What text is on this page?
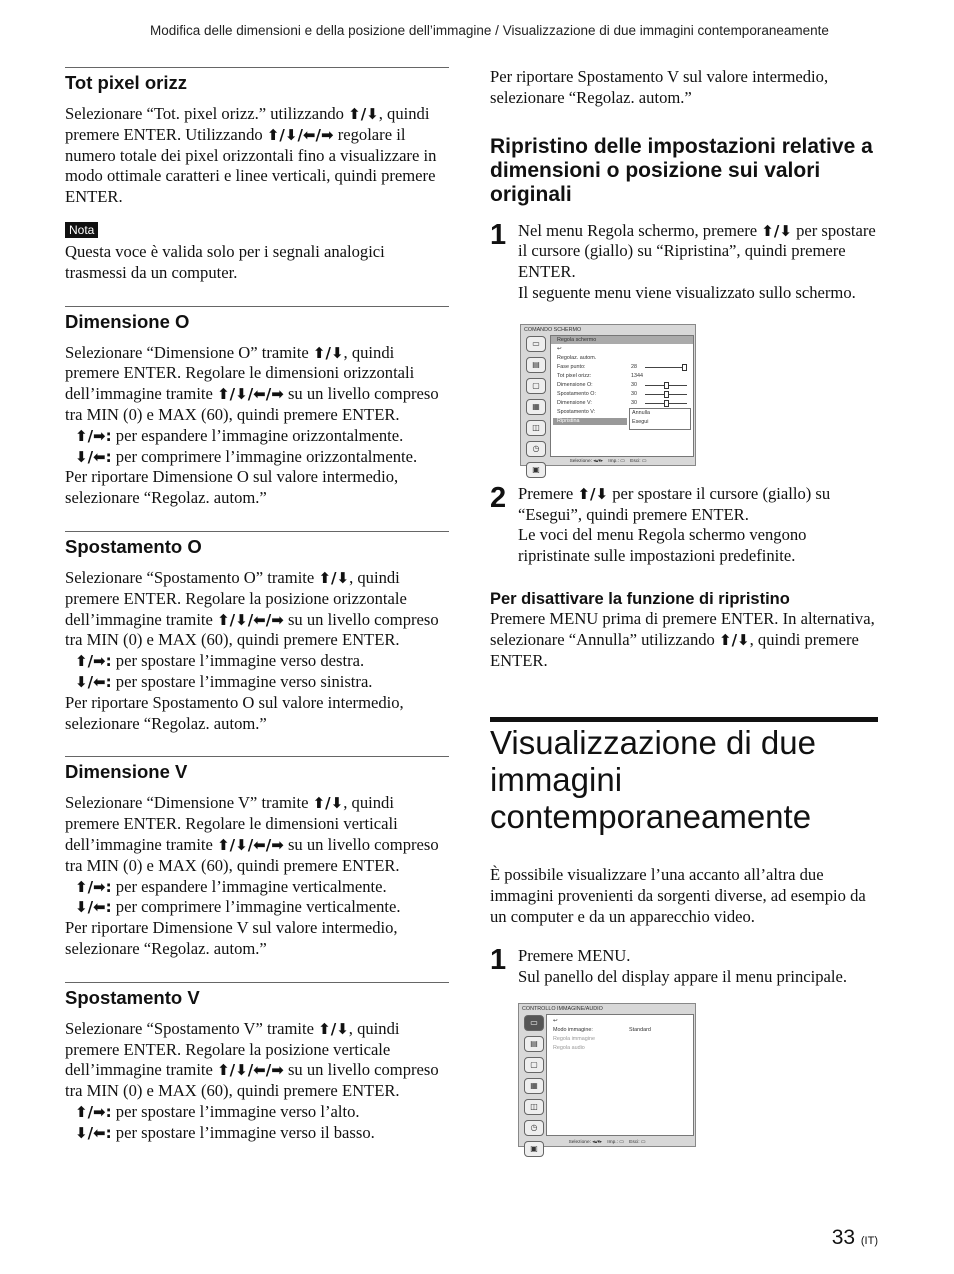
Modifica delle dimensioni e della posizione dell’immagine / Visualizzazione di due immagini contemporaneamente
Tot pixel orizz

Selezionare “Tot. pixel orizz.” utilizzando ⬆/⬇, quindi premere ENTER. Utilizzando ⬆/⬇/⬅/➡ regolare il numero totale dei pixel orizzontali fino a visualizzare in modo ottimale caratteri e linee verticali, quindi premere ENTER.

Nota

Questa voce è valida solo per i segnali analogici trasmessi da un computer.

Dimensione O

Selezionare “Dimensione O” tramite ⬆/⬇, quindi premere ENTER. Regolare le dimensioni orizzontali dell’immagine tramite ⬆/⬇/⬅/➡ su un livello compreso tra MIN (0) e MAX (60), quindi premere ENTER.

⬆/➡: per espandere l’immagine orizzontalmente.

⬇/⬅: per comprimere l’immagine orizzontalmente.

Per riportare Dimensione O sul valore intermedio, selezionare “Regolaz. autom.”

Spostamento O

Selezionare “Spostamento O” tramite ⬆/⬇, quindi premere ENTER. Regolare la posizione orizzontale dell’immagine tramite ⬆/⬇/⬅/➡ su un livello compreso tra MIN (0) e MAX (60), quindi premere ENTER.

⬆/➡: per spostare l’immagine verso destra.

⬇/⬅: per spostare l’immagine verso sinistra.

Per riportare Spostamento O sul valore intermedio, selezionare “Regolaz. autom.”

Dimensione V

Selezionare “Dimensione V” tramite ⬆/⬇, quindi premere ENTER. Regolare le dimensioni verticali dell’immagine tramite ⬆/⬇/⬅/➡ su un livello compreso tra MIN (0) e MAX (60), quindi premere ENTER.

⬆/➡: per espandere l’immagine verticalmente.

⬇/⬅: per comprimere l’immagine verticalmente.

Per riportare Dimensione V sul valore intermedio, selezionare “Regolaz. autom.”

Spostamento V

Selezionare “Spostamento V” tramite ⬆/⬇, quindi premere ENTER. Regolare la posizione verticale dell’immagine tramite ⬆/⬇/⬅/➡ su un livello compreso tra MIN (0) e MAX (60), quindi premere ENTER.

⬆/➡: per spostare l’immagine verso l’alto.

⬇/⬅: per spostare l’immagine verso il basso.

Per riportare Spostamento V sul valore intermedio, selezionare “Regolaz. autom.”

Ripristino delle impostazioni relative a dimensioni o posizione sui valori originali
1 Nel menu Regola schermo, premere ⬆/⬇ per spostare il cursore (giallo) su “Ripristina”, quindi premere ENTER.

Il seguente menu viene visualizzato sullo schermo.

COMANDO SCHERMO
▭
▤
▢
▦
◫
◷
▣
Regola schermo
↩
Regolaz. autom.
Fase punto:	28
Tot pixel orizz:	1344
Dimensione O:	30
Spostamento O:	30
Dimensione V:	30
Spostamento V:
Ripristina
Annulla
Esegui
Selezione: ◂▴▾▸    Imp.: ▭    Esci: ▭
2 Premere ⬆/⬇ per spostare il cursore (giallo) su “Esegui”, quindi premere ENTER.

Le voci del menu Regola schermo vengono ripristinate sulle impostazioni predefinite.

Per disattivare la funzione di ripristino

Premere MENU prima di premere ENTER. In alternativa, selezionare “Annulla” utilizzando ⬆/⬇, quindi premere ENTER.

Visualizzazione di due immagini contemporaneamente

È possibile visualizzare l’una accanto all’altra due immagini provenienti da sorgenti diverse, ad esempio da un computer e da un apparecchio video.

1 Premere MENU.

Sul panello del display appare il menu principale.

CONTROLLO IMMAGINE/AUDIO
▭
▤
▢
▦
◫
◷
▣
↩
Modo immagine:	Standard
Regola immagine
Regola audio
Selezione: ◂▴▾▸    Imp.: ▭    Esci: ▭
33 (IT)
